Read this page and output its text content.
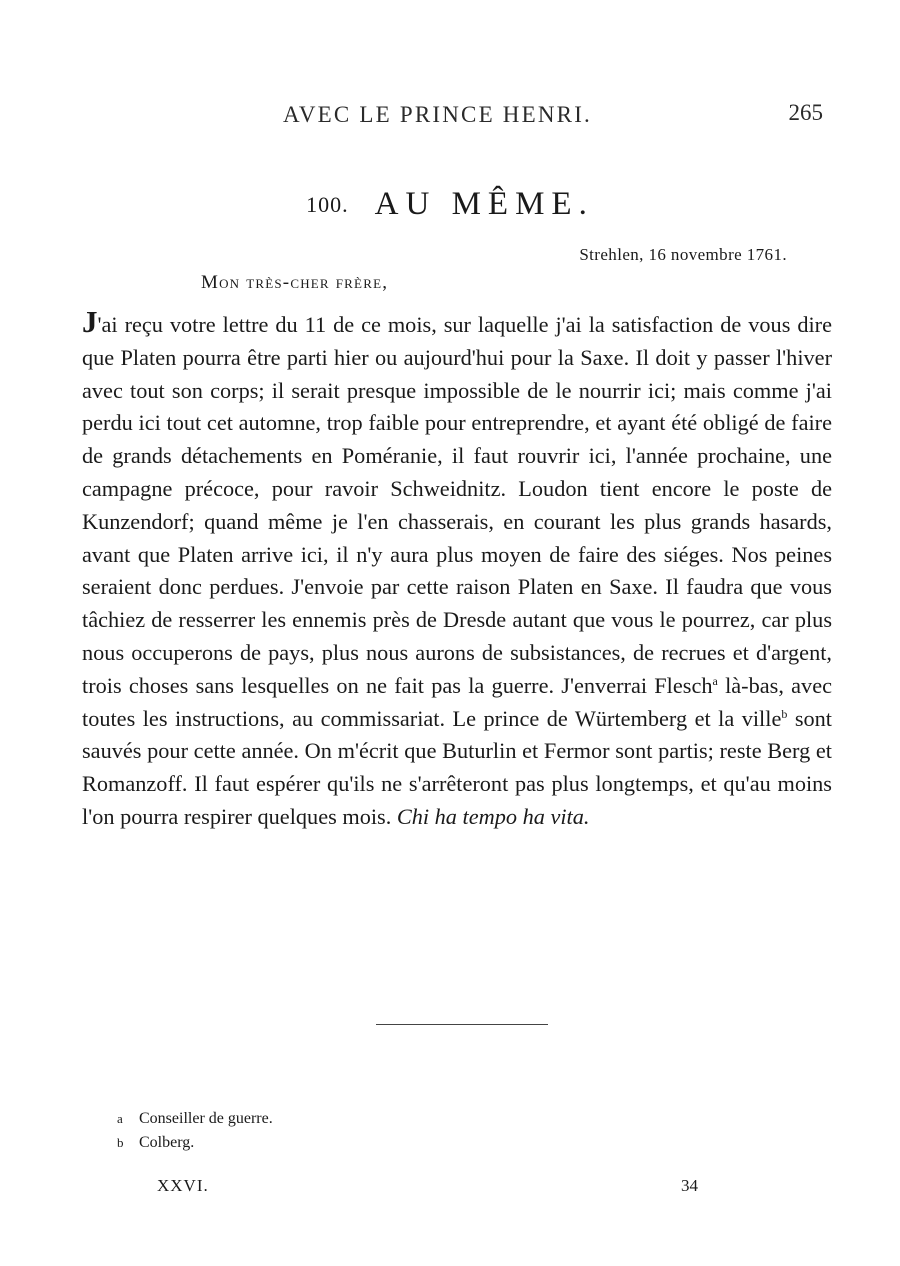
AVEC LE PRINCE HENRI.	265
100. AU MÊME.
Strehlen, 16 novembre 1761.
Mon très-cher frère,
J'ai reçu votre lettre du 11 de ce mois, sur laquelle j'ai la satisfaction de vous dire que Platen pourra être parti hier ou aujourd'hui pour la Saxe. Il doit y passer l'hiver avec tout son corps; il serait presque impossible de le nourrir ici; mais comme j'ai perdu ici tout cet automne, trop faible pour entreprendre, et ayant été obligé de faire de grands détachements en Poméranie, il faut rouvrir ici, l'année prochaine, une campagne précoce, pour ravoir Schweidnitz. Loudon tient encore le poste de Kunzendorf; quand même je l'en chasserais, en courant les plus grands hasards, avant que Platen arrive ici, il n'y aura plus moyen de faire des siéges. Nos peines seraient donc perdues. J'envoie par cette raison Platen en Saxe. Il faudra que vous tâchiez de resserrer les ennemis près de Dresde autant que vous le pourrez, car plus nous occuperons de pays, plus nous aurons de subsistances, de recrues et d'argent, trois choses sans lesquelles on ne fait pas la guerre. J'enverrai Flesch$^a$ là-bas, avec toutes les instructions, au commissariat. Le prince de Würtemberg et la ville$^b$ sont sauvés pour cette année. On m'écrit que Buturlin et Fermor sont partis; reste Berg et Romanzoff. Il faut espérer qu'ils ne s'arrêteront pas plus longtemps, et qu'au moins l'on pourra respirer quelques mois. Chi ha tempo ha vita.
a Conseiller de guerre.
b Colberg.
XXVI.	34
